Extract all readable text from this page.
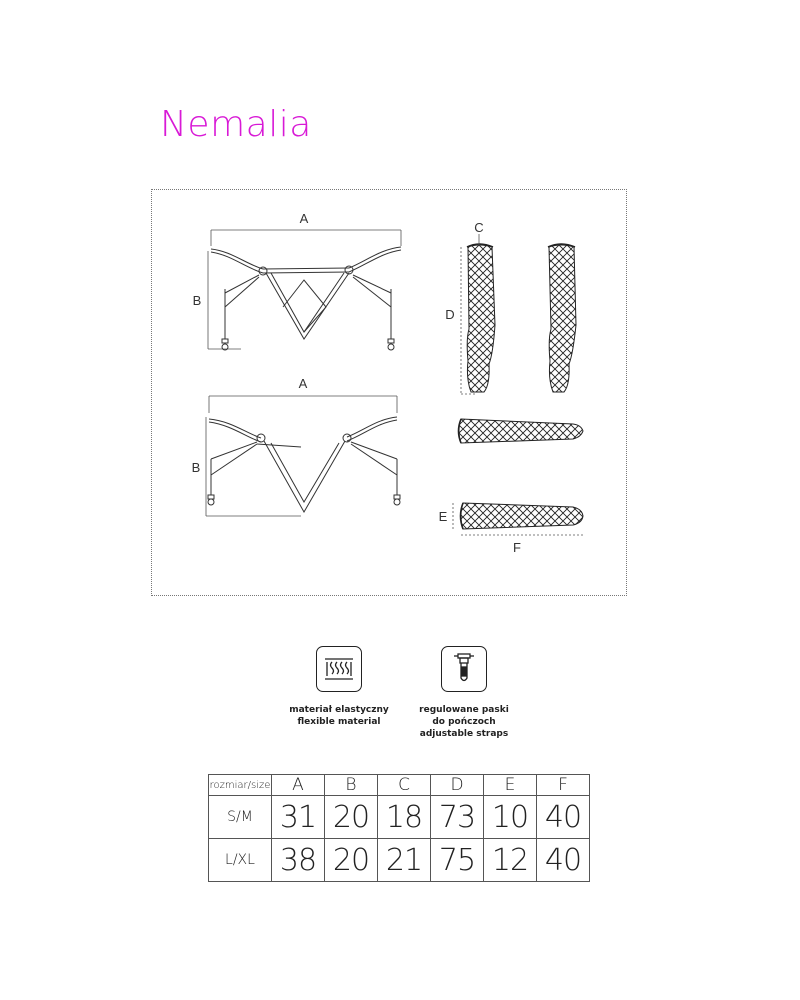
Nemalia
A
B
A
B
C
D
E
F
materiał elastyczny
flexible material
regulowane paski
do pończoch
adjustable straps
rozmiar/size	A	B	C	D	E	F
S/M	31	20	18	73	10	40
L/XL	38	20	21	75	12	40
